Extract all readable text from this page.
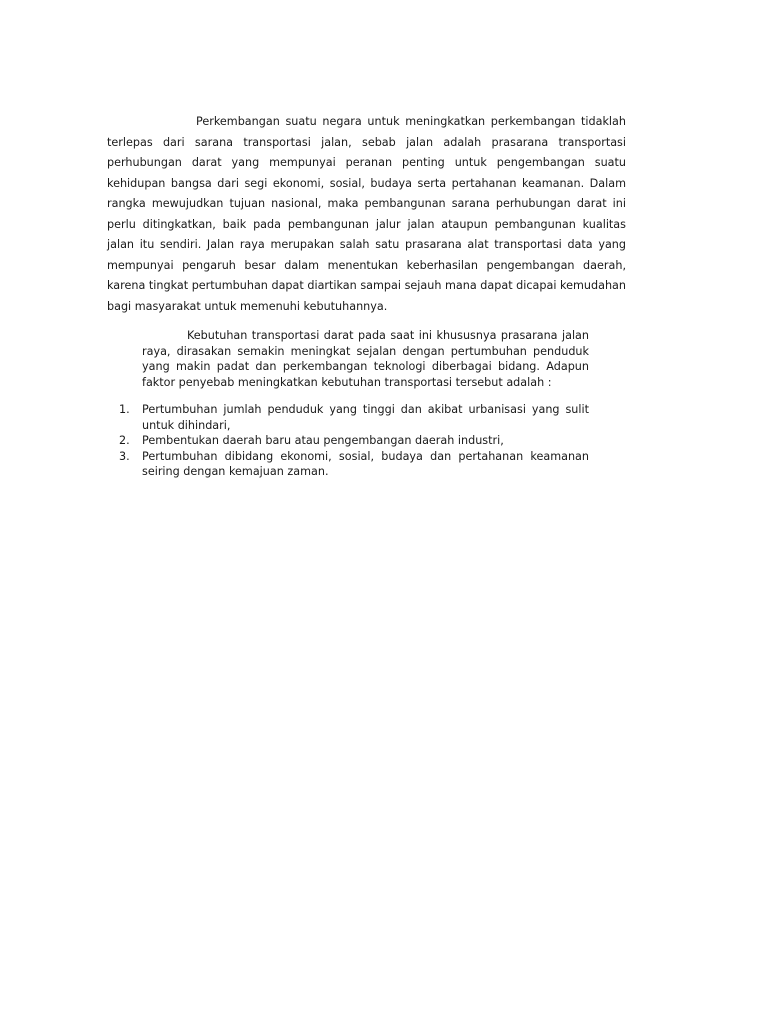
Perkembangan suatu negara untuk meningkatkan perkembangan tidaklah terlepas dari sarana transportasi jalan, sebab jalan adalah prasarana transportasi perhubungan darat yang mempunyai peranan penting untuk pengembangan suatu kehidupan bangsa dari segi ekonomi, sosial, budaya serta pertahanan keamanan. Dalam rangka mewujudkan tujuan nasional, maka pembangunan sarana perhubungan darat ini perlu ditingkatkan, baik pada pembangunan jalur jalan ataupun pembangunan kualitas jalan itu sendiri. Jalan raya merupakan salah satu prasarana alat transportasi data yang mempunyai pengaruh besar dalam menentukan keberhasilan pengembangan daerah, karena tingkat pertumbuhan dapat diartikan sampai sejauh mana dapat dicapai kemudahan bagi masyarakat untuk memenuhi kebutuhannya.

Kebutuhan transportasi darat pada saat ini khususnya prasarana jalan raya, dirasakan semakin meningkat sejalan dengan pertumbuhan penduduk yang makin padat dan perkembangan teknologi diberbagai bidang. Adapun faktor penyebab meningkatkan kebutuhan transportasi tersebut adalah :

1. Pertumbuhan jumlah penduduk yang tinggi dan akibat urbanisasi yang sulit untuk dihindari,
2. Pembentukan daerah baru atau pengembangan daerah industri,
3. Pertumbuhan dibidang ekonomi, sosial, budaya dan pertahanan keamanan seiring dengan kemajuan zaman.
